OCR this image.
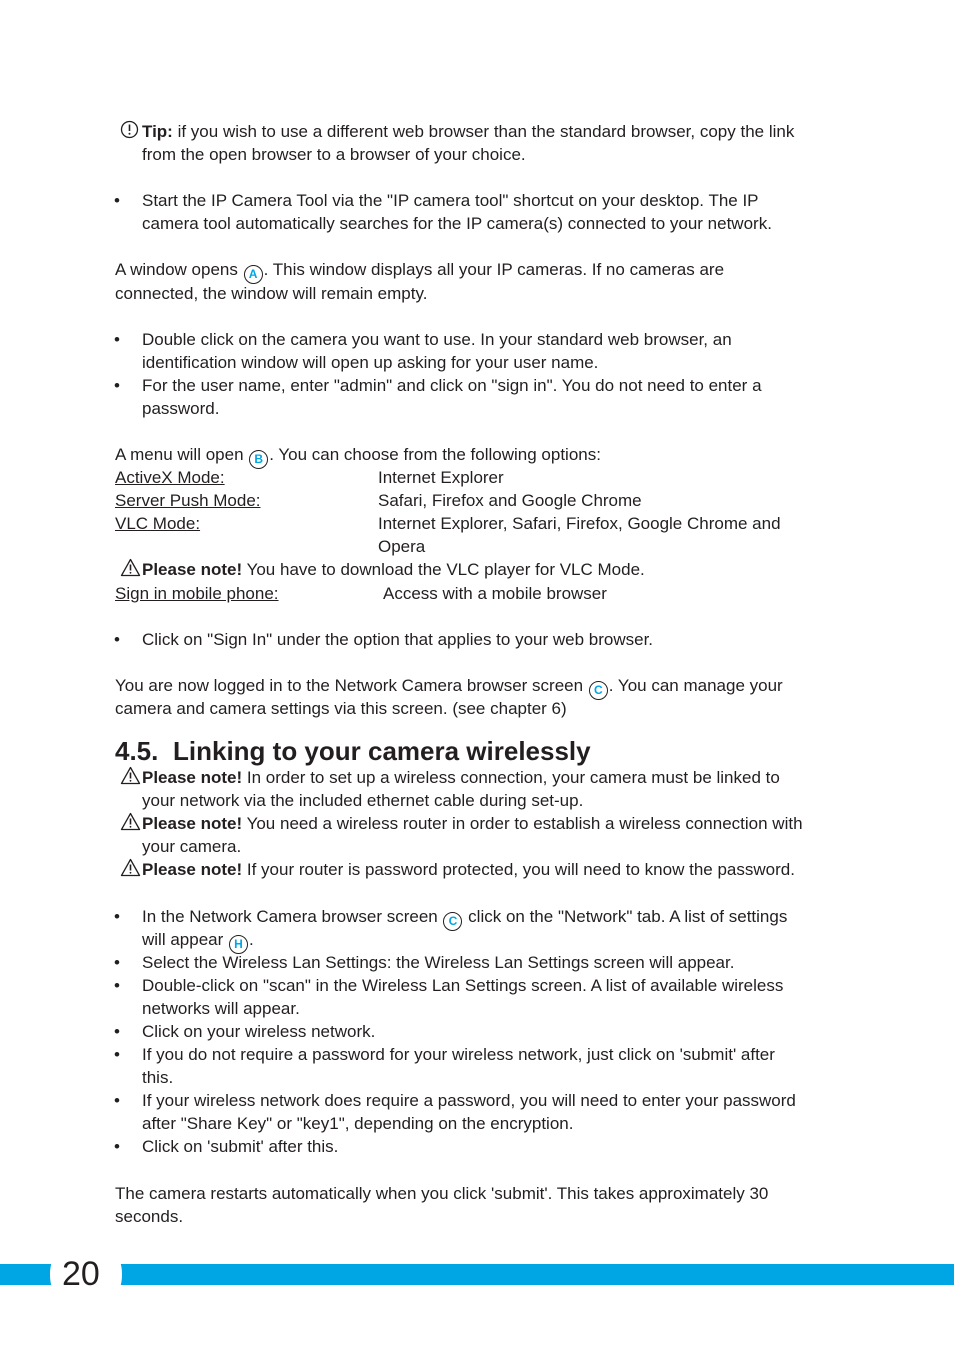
Tip: if you wish to use a different web browser than the standard browser, copy the link
from the open browser to a browser of your choice.
• Start the IP Camera Tool via the "IP camera tool" shortcut on your desktop. The IP
camera tool automatically searches for the IP camera(s) connected to your network.
A window opens A . This window displays all your IP cameras. If no cameras are
connected, the window will remain empty.
• Double click on the camera you want to use. In your standard web browser, an
identification window will open up asking for your user name.
• For the user name, enter "admin" and click on "sign in". You do not need to enter a
password.
A menu will open B . You can choose from the following options:
ActiveX Mode:	Internet Explorer
Server Push Mode:	Safari, Firefox and Google Chrome
VLC Mode:	Internet Explorer, Safari, Firefox, Google Chrome and
Opera
Please note! You have to download the VLC player for VLC Mode.
Sign in mobile phone:	Access with a mobile browser
• Click on "Sign In" under the option that applies to your web browser.
You are now logged in to the Network Camera browser screen C . You can manage your
camera and camera settings via this screen. (see chapter 6)
4.5. Linking to your camera wirelessly
Please note! In order to set up a wireless connection, your camera must be linked to
your network via the included ethernet cable during set-up.
Please note! You need a wireless router in order to establish a wireless connection with
your camera.
Please note! If your router is password protected, you will need to know the password.
• In the Network Camera browser screen C click on the "Network" tab. A list of settings
will appear H .
• Select the Wireless Lan Settings: the Wireless Lan Settings screen will appear.
• Double-click on "scan" in the Wireless Lan Settings screen. A list of available wireless
networks will appear.
• Click on your wireless network.
• If you do not require a password for your wireless network, just click on 'submit' after
this.
• If your wireless network does require a password, you will need to enter your password
after "Share Key" or "key1", depending on the encryption.
• Click on 'submit' after this.
The camera restarts automatically when you click 'submit'. This takes approximately 30
seconds.
20
